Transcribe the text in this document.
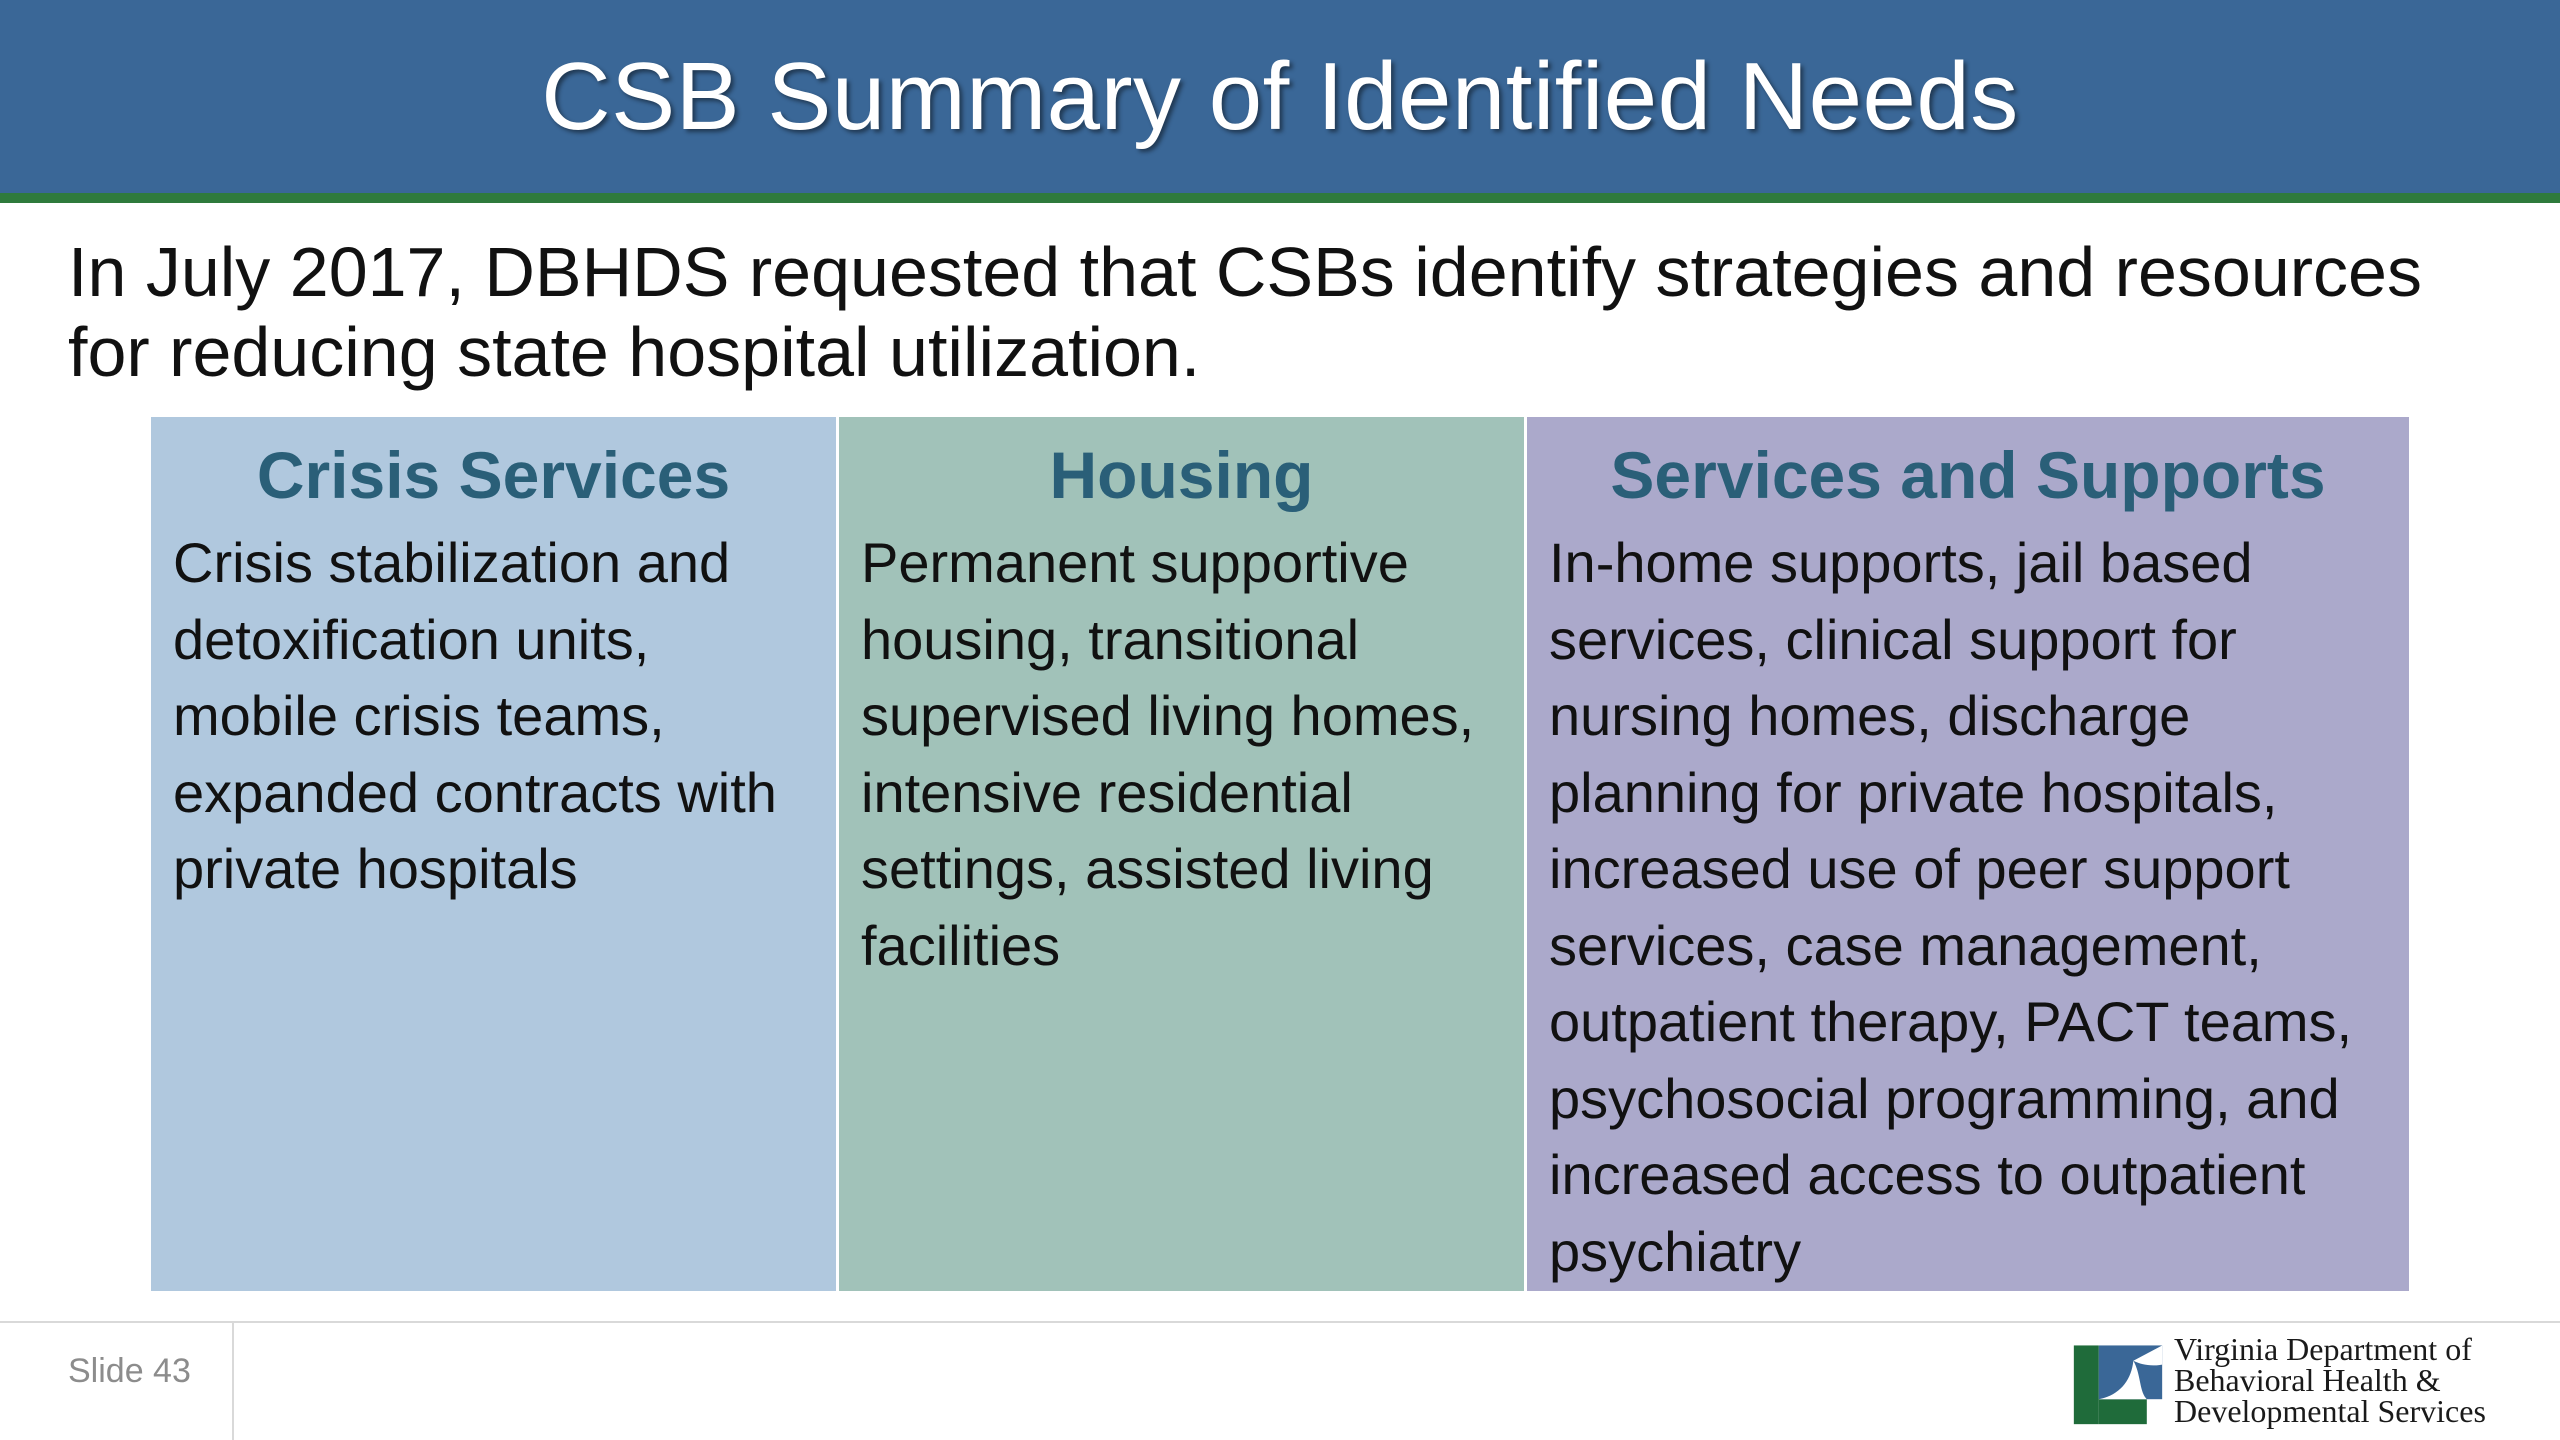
CSB Summary of Identified Needs

In July 2017, DBHDS requested that CSBs identify strategies and resources for reducing state hospital utilization.

Crisis Services

Crisis stabilization and detoxification units, mobile crisis teams, expanded contracts with private hospitals

Housing

Permanent supportive housing, transitional supervised living homes, intensive residential settings, assisted living facilities

Services and Supports

In-home supports, jail based services, clinical support for nursing homes, discharge planning for private hospitals, increased use of peer support services, case management, outpatient therapy, PACT teams, psychosocial programming, and increased access to outpatient psychiatry

Slide 43
Virginia Department of
Behavioral Health &
Developmental Services
